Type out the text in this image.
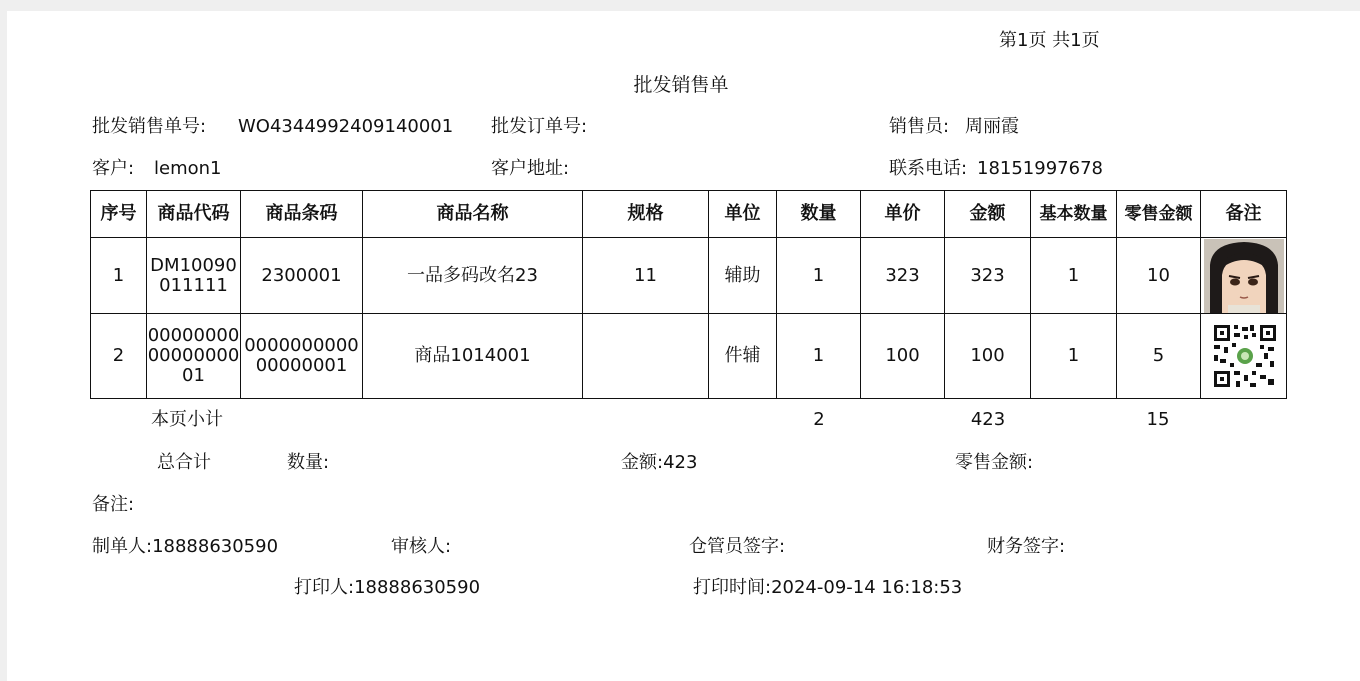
第1页 共1页
批发销售单
批发销售单号: WO4344992409140001 批发订单号:	销售员: 周丽霞
客户: lemon1	客户地址:	联系电话: 18151997678
序号	商品代码	商品条码	商品名称	规格	单位	数量	单价	金额	基本数量	零售金额	备注
1	DM10090011111	2300001	一品多码改名23	11	辅助	1	323	323	1	10	

2	000000000000000001	000000000000000001	商品1014001		件辅	1	100	100	1	5	
本页小计	2	423	15
总合计	数量:	金额:423	零售金额:
备注:
制单人:18888630590	审核人:	仓管员签字:	财务签字:
打印人:18888630590	打印时间:2024-09-14 16:18:53
